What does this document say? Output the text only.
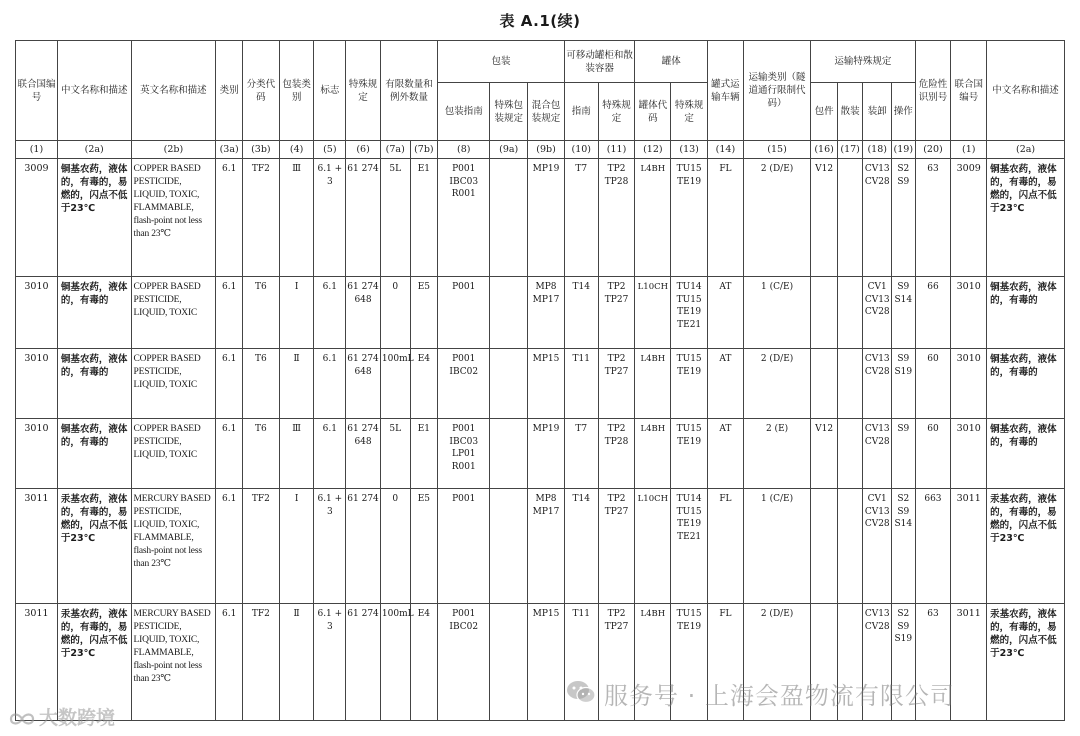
表 A.1(续)
联合国编号	中文名称和描述	英文名称和描述	类别	分类代码	包装类别	标志	特殊规定	有限数量和例外数量		包装			可移动罐柜和散装容器		罐体		罐式运输车辆	运输类别（隧道通行限制代码）	运输特殊规定				危险性识别号	联合国编号	中文名称和描述
										包装指南	特殊包装规定	混合包装规定	指南	特殊规定	罐体代码	特殊规定			包件	散装	装卸	操作			
(1)	(2a)	(2b)	(3a)	(3b)	(4)	(5)	(6)	(7a)	(7b)	(8)	(9a)	(9b)	(10)	(11)	(12)	(13)	(14)	(15)	(16)	(17)	(18)	(19)	(20)	(1)	(2a)
3009	铜基农药，液体的，有毒的，易燃的，闪点不低于23℃	COPPER BASED PESTICIDE, LIQUID, TOXIC, FLAMMABLE, flash-point not less than 23℃	6.1	TF2	Ⅲ	6.1 + 3	61 274	5L	E1	P001 IBC03 R001		MP19	T7	TP2 TP28	L4BH	TU15 TE19	FL	2 (D/E)	V12		CV13 CV28	S2 S9	63	3009	铜基农药，液体的，有毒的，易燃的，闪点不低于23℃
3010	铜基农药，液体的，有毒的	COPPER BASED PESTICIDE, LIQUID, TOXIC	6.1	T6	Ⅰ	6.1	61 274 648	0	E5	P001		MP8 MP17	T14	TP2 TP27	L10CH	TU14 TU15 TE19 TE21	AT	1 (C/E)			CV1 CV13 CV28	S9 S14	66	3010	铜基农药，液体的，有毒的
3010	铜基农药，液体的，有毒的	COPPER BASED PESTICIDE, LIQUID, TOXIC	6.1	T6	Ⅱ	6.1	61 274 648	100mL	E4	P001 IBC02		MP15	T11	TP2 TP27	L4BH	TU15 TE19	AT	2 (D/E)			CV13 CV28	S9 S19	60	3010	铜基农药，液体的，有毒的
3010	铜基农药，液体的，有毒的	COPPER BASED PESTICIDE, LIQUID, TOXIC	6.1	T6	Ⅲ	6.1	61 274 648	5L	E1	P001 IBC03 LP01 R001		MP19	T7	TP2 TP28	L4BH	TU15 TE19	AT	2 (E)	V12		CV13 CV28	S9	60	3010	铜基农药，液体的，有毒的
3011	汞基农药，液体的，有毒的，易燃的，闪点不低于23℃	MERCURY BASED PESTICIDE, LIQUID, TOXIC, FLAMMABLE, flash-point not less than 23℃	6.1	TF2	Ⅰ	6.1 + 3	61 274	0	E5	P001		MP8 MP17	T14	TP2 TP27	L10CH	TU14 TU15 TE19 TE21	FL	1 (C/E)			CV1 CV13 CV28	S2 S9 S14	663	3011	汞基农药，液体的，有毒的，易燃的，闪点不低于23℃
3011	汞基农药，液体的，有毒的，易燃的，闪点不低于23℃	MERCURY BASED PESTICIDE, LIQUID, TOXIC, FLAMMABLE, flash-point not less than 23℃	6.1	TF2	Ⅱ	6.1 + 3	61 274	100mL	E4	P001 IBC02		MP15	T11	TP2 TP27	L4BH	TU15 TE19	FL	2 (D/E)			CV13 CV28	S2 S9 S19	63	3011	汞基农药，液体的，有毒的，易燃的，闪点不低于23℃
服务号 · 上海会盈物流有限公司
大数跨境
